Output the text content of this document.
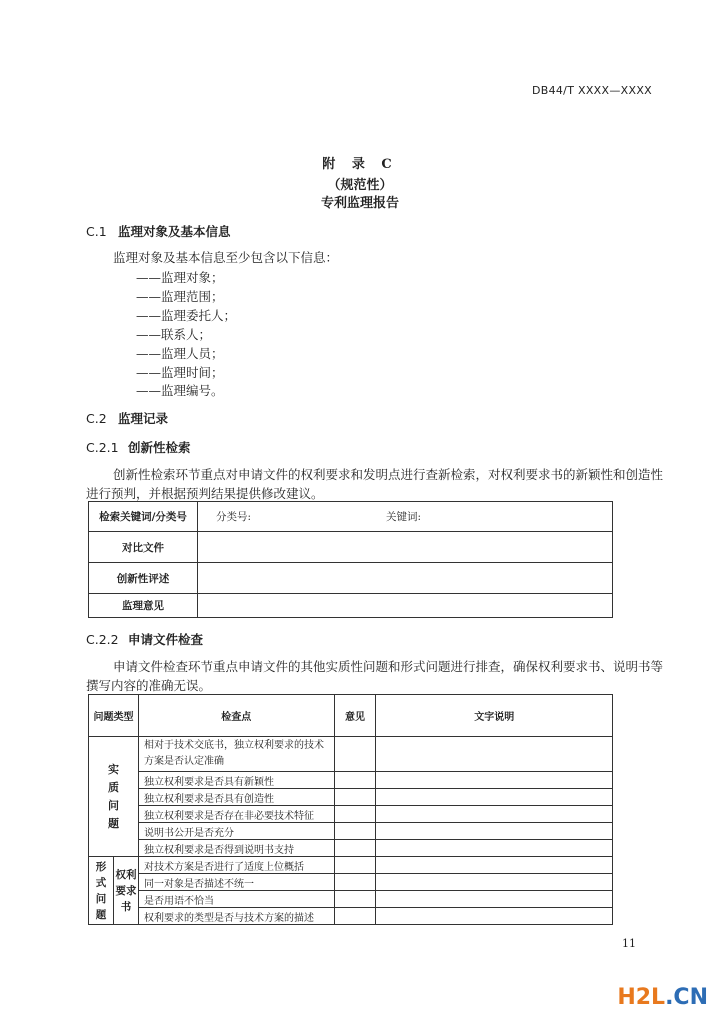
DB44/T XXXX—XXXX
附 录 C
（规范性）
专利监理报告
C.1 监理对象及基本信息
监理对象及基本信息至少包含以下信息：
——监理对象；
——监理范围；
——监理委托人；
——联系人；
——监理人员；
——监理时间；
——监理编号。
C.2 监理记录
C.2.1 创新性检索
创新性检索环节重点对申请文件的权利要求和发明点进行查新检索，对权利要求书的新颖性和创造性进行预判，并根据预判结果提供修改建议。
检索关键词/分类号	分类号: 关键词:
对比文件	
创新性评述	
监理意见	
C.2.2 申请文件检查
申请文件检查环节重点申请文件的其他实质性问题和形式问题进行排查，确保权利要求书、说明书等撰写内容的准确无误。
问题类型		检查点	意见	文字说明

实质问题		相对于技术交底书，独立权利要求的技术方案是否认定准确		
		独立权利要求是否具有新颖性		
		独立权利要求是否具有创造性		
		独立权利要求是否存在非必要技术特征		
		说明书公开是否充分		
		独立权利要求是否得到说明书支持		

形式问题	权利要求书	对技术方案是否进行了适度上位概括		
		同一对象是否描述不统一		
		是否用语不恰当		
		权利要求的类型是否与技术方案的描述		
11
H2L.CN
